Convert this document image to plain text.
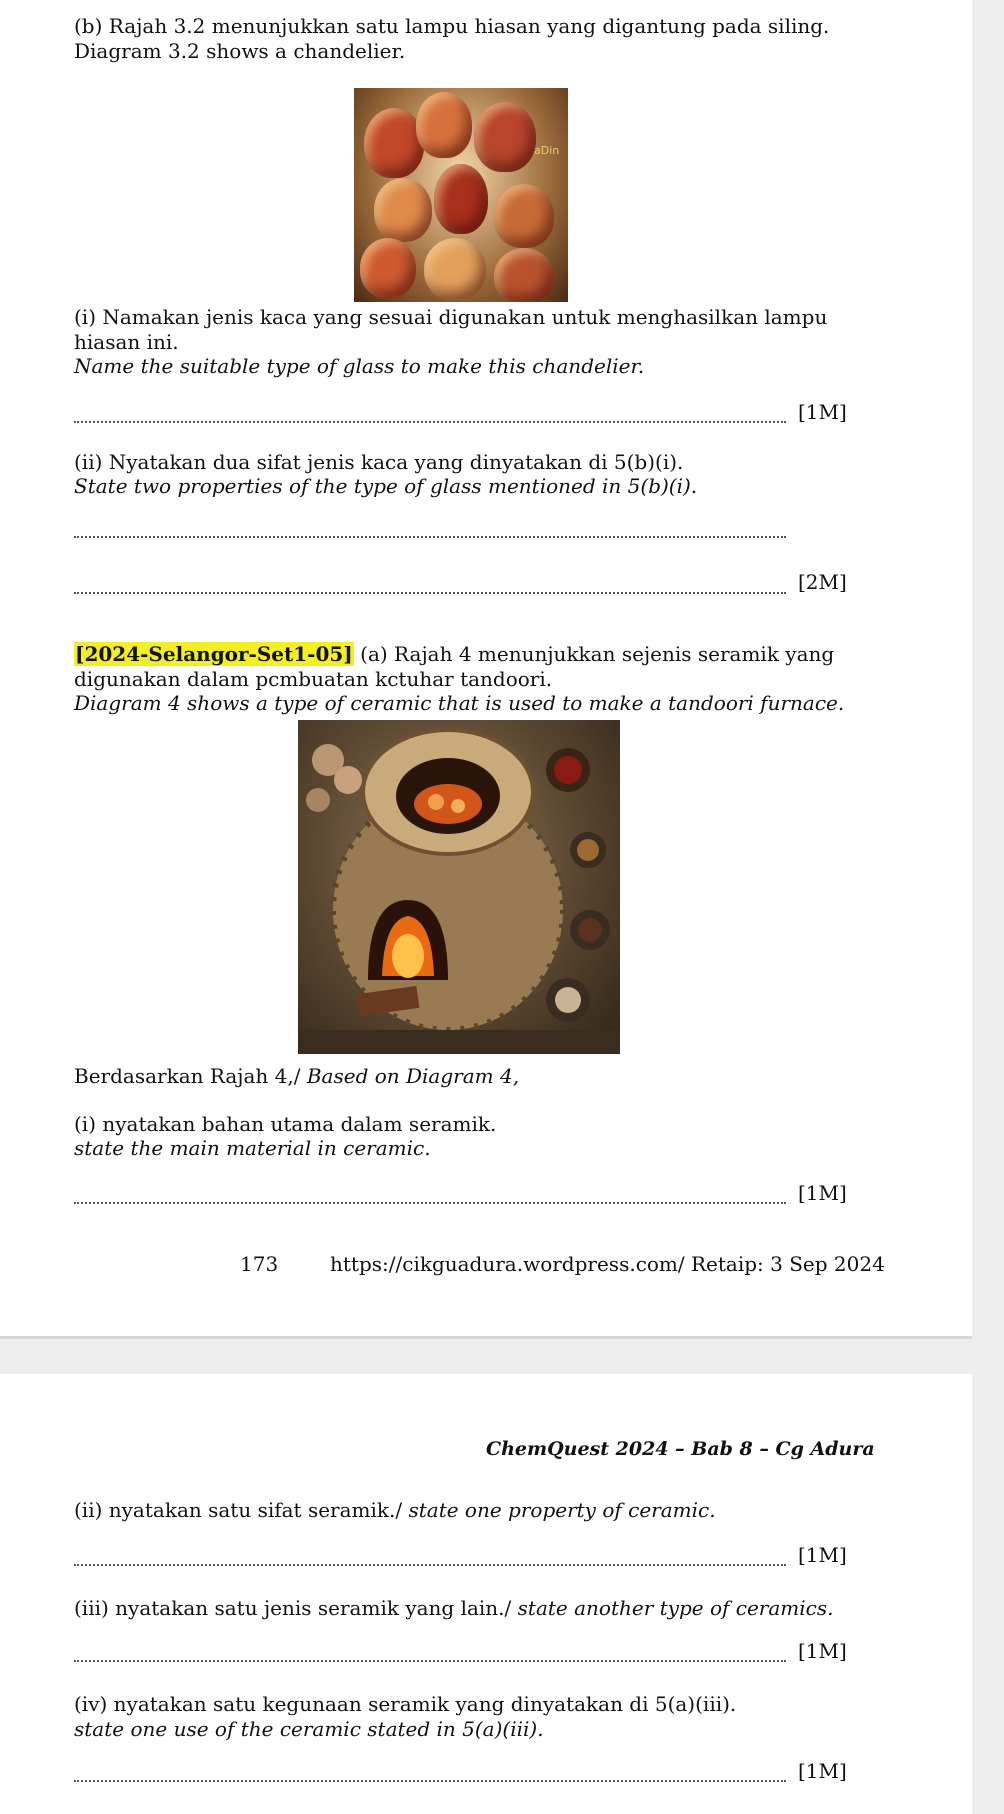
(b) Rajah 3.2 menunjukkan satu lampu hiasan yang digantung pada siling.
Diagram 3.2 shows a chandelier.
aDin
(i) Namakan jenis kaca yang sesuai digunakan untuk menghasilkan lampu
hiasan ini.
Name the suitable type of glass to make this chandelier.
[1M]
(ii) Nyatakan dua sifat jenis kaca yang dinyatakan di 5(b)(i).
State two properties of the type of glass mentioned in 5(b)(i).
[2M]
[2024-Selangor-Set1-05] (a) Rajah 4 menunjukkan sejenis seramik yang
digunakan dalam pcmbuatan kctuhar tandoori.
Diagram 4 shows a type of ceramic that is used to make a tandoori furnace.
Berdasarkan Rajah 4,/ Based on Diagram 4,
(i) nyatakan bahan utama dalam seramik.
state the main material in ceramic.
[1M]
173	https://cikguadura.wordpress.com/ Retaip: 3 Sep 2024
ChemQuest 2024 – Bab 8 – Cg Adura
(ii) nyatakan satu sifat seramik./ state one property of ceramic.
[1M]
(iii) nyatakan satu jenis seramik yang lain./ state another type of ceramics.
[1M]
(iv) nyatakan satu kegunaan seramik yang dinyatakan di 5(a)(iii).
state one use of the ceramic stated in 5(a)(iii).
[1M]
